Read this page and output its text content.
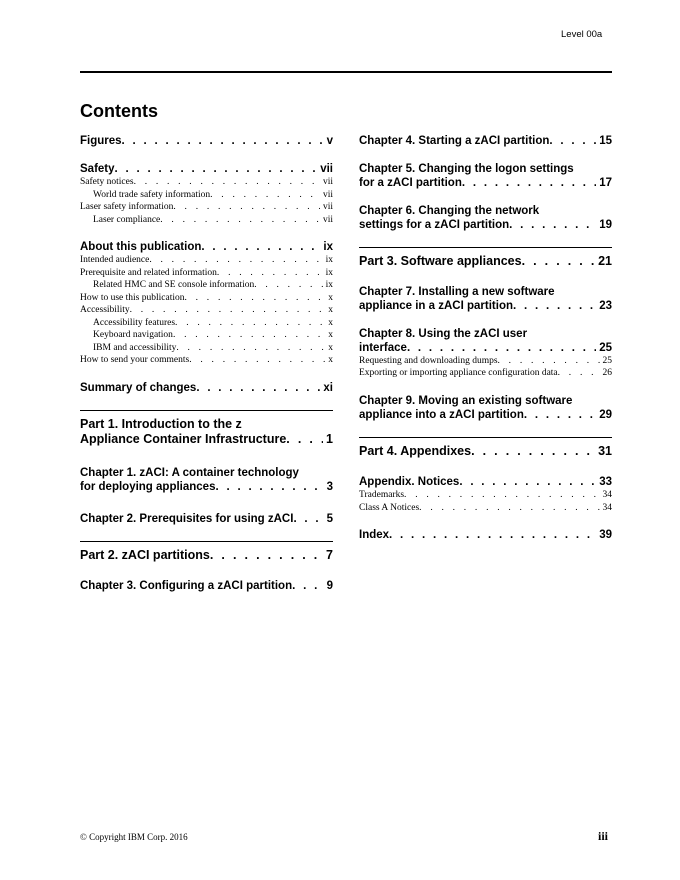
Level 00a
Contents
Figures . . .	v
Safety . . .	vii
Safety notices . . .	vii
World trade safety information . . .	vii
Laser safety information . . .	vii
Laser compliance . . .	vii
About this publication . . .	ix
Intended audience . . .	ix
Prerequisite and related information . . .	ix
Related HMC and SE console information . . .	ix
How to use this publication . . .	x
Accessibility . . .	x
Accessibility features . . .	x
Keyboard navigation . . .	x
IBM and accessibility . . .	x
How to send your comments . . .	x
Summary of changes . . .	xi
Part 1. Introduction to the z
Appliance Container Infrastructure . . .	1
Chapter 1. zACI: A container technology
for deploying appliances . . .	3
Chapter 2. Prerequisites for using zACI . . .	5
Part 2. zACI partitions . . .	7
Chapter 3. Configuring a zACI partition . . .	9
Chapter 4. Starting a zACI partition . . .	15
Chapter 5. Changing the logon settings
for a zACI partition . . .	17
Chapter 6. Changing the network
settings for a zACI partition . . .	19
Part 3. Software appliances . . .	21
Chapter 7. Installing a new software
appliance in a zACI partition . . .	23
Chapter 8. Using the zACI user
interface . . .	25
Requesting and downloading dumps . . .	25
Exporting or importing appliance configuration data . . .	26
Chapter 9. Moving an existing software
appliance into a zACI partition . . .	29
Part 4. Appendixes . . .	31
Appendix. Notices . . .	33
Trademarks . . .	34
Class A Notices . . .	34
Index . . .	39
© Copyright IBM Corp. 2016	iii
